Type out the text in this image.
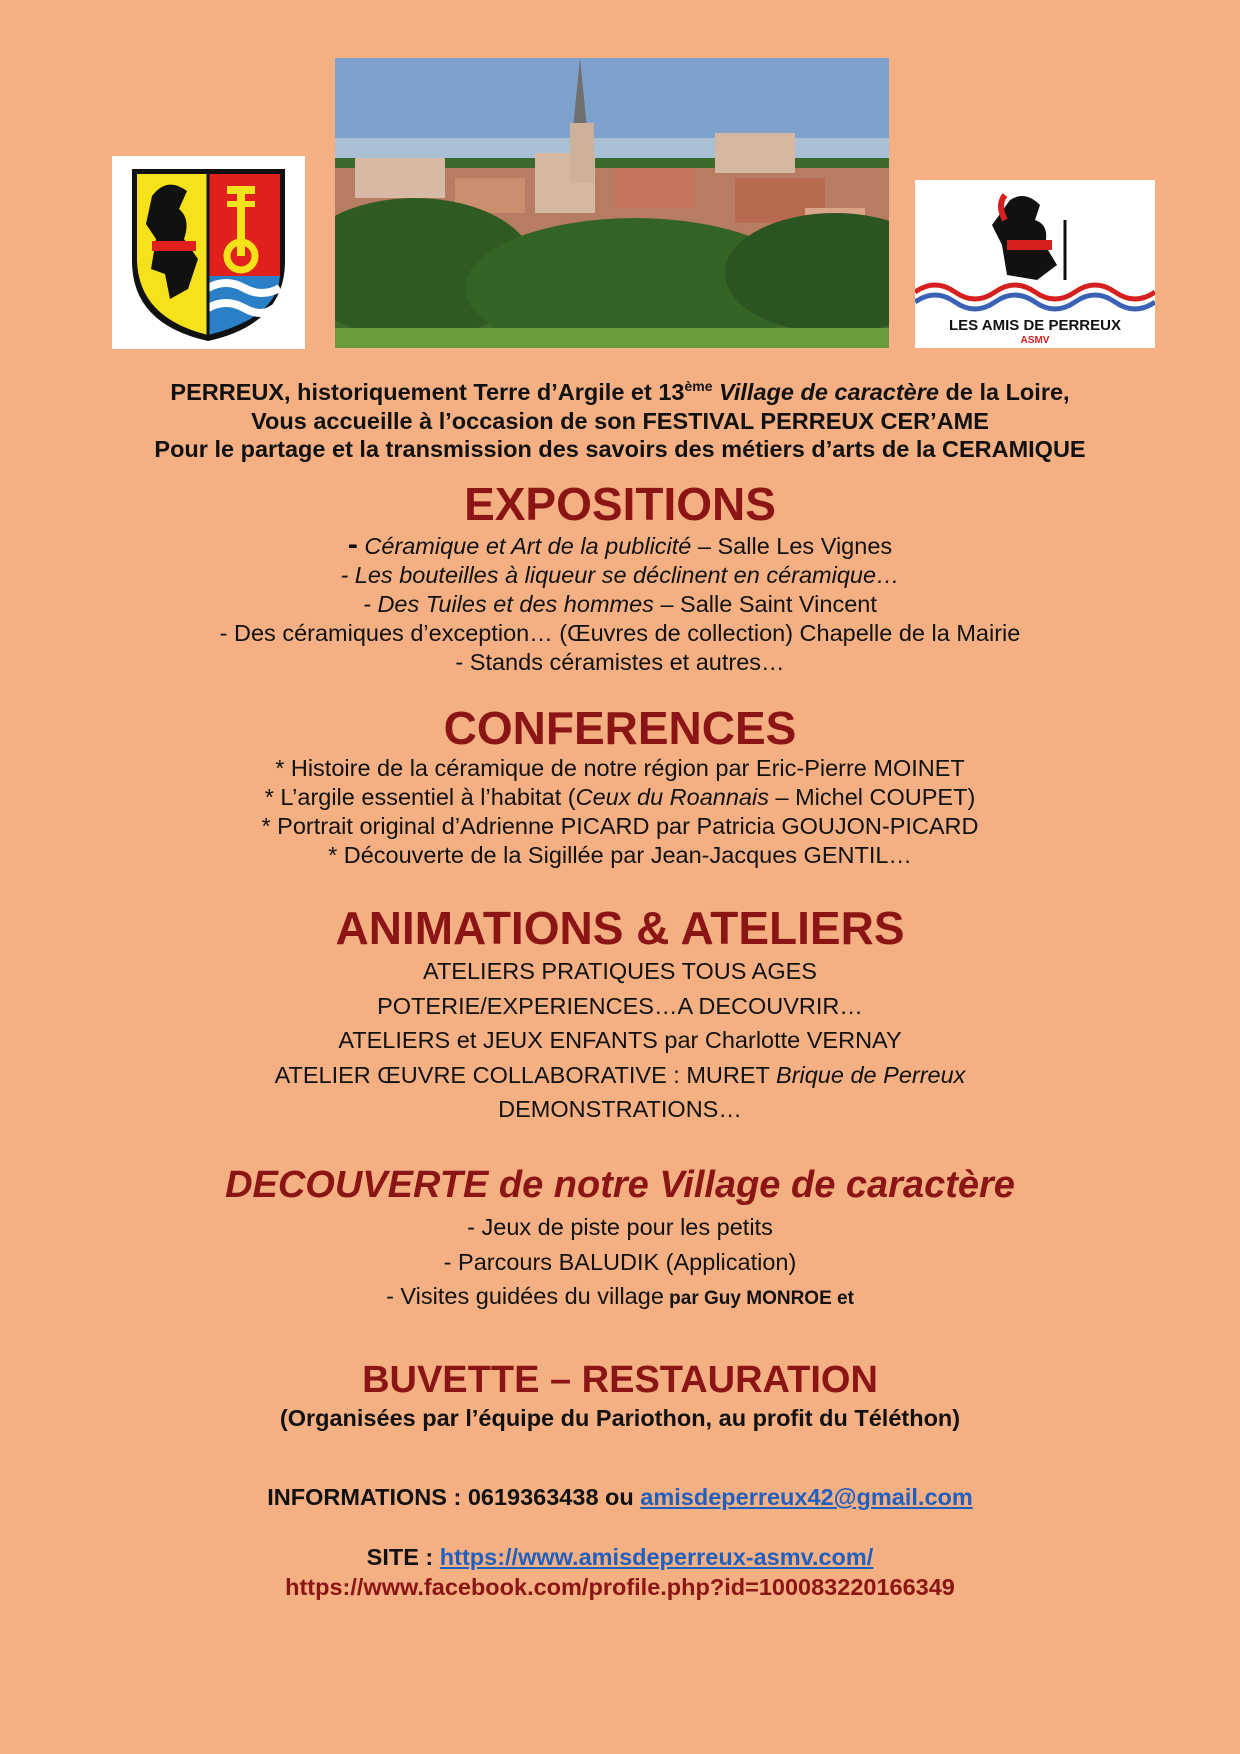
LES AMIS DE PERREUX
ASMV
PERREUX, historiquement Terre d’Argile et 13ème Village de caractère de la Loire,
Vous accueille à l’occasion de son FESTIVAL PERREUX CER’AME
Pour le partage et la transmission des savoirs des métiers d’arts de la CERAMIQUE
EXPOSITIONS
- Céramique et Art de la publicité – Salle Les Vignes
- Les bouteilles à liqueur se déclinent en céramique…
- Des Tuiles et des hommes – Salle Saint Vincent
- Des céramiques d’exception… (Œuvres de collection) Chapelle de la Mairie
- Stands céramistes et autres…
CONFERENCES
* Histoire de la céramique de notre région par Eric-Pierre MOINET
* L’argile essentiel à l’habitat (Ceux du Roannais – Michel COUPET)
* Portrait original d’Adrienne PICARD par Patricia GOUJON-PICARD
* Découverte de la Sigillée par Jean-Jacques GENTIL…
ANIMATIONS & ATELIERS
ATELIERS PRATIQUES TOUS AGES
POTERIE/EXPERIENCES…A DECOUVRIR…
ATELIERS et JEUX ENFANTS par Charlotte VERNAY
ATELIER ŒUVRE COLLABORATIVE : MURET Brique de Perreux
DEMONSTRATIONS…
DECOUVERTE de notre Village de caractère
- Jeux de piste pour les petits
- Parcours BALUDIK (Application)
- Visites guidées du village par Guy MONROE et
BUVETTE – RESTAURATION
(Organisées par l’équipe du Pariothon, au profit du Téléthon)
INFORMATIONS : 0619363438 ou amisdeperreux42@gmail.com
SITE : https://www.amisdeperreux-asmv.com/
https://www.facebook.com/profile.php?id=100083220166349
